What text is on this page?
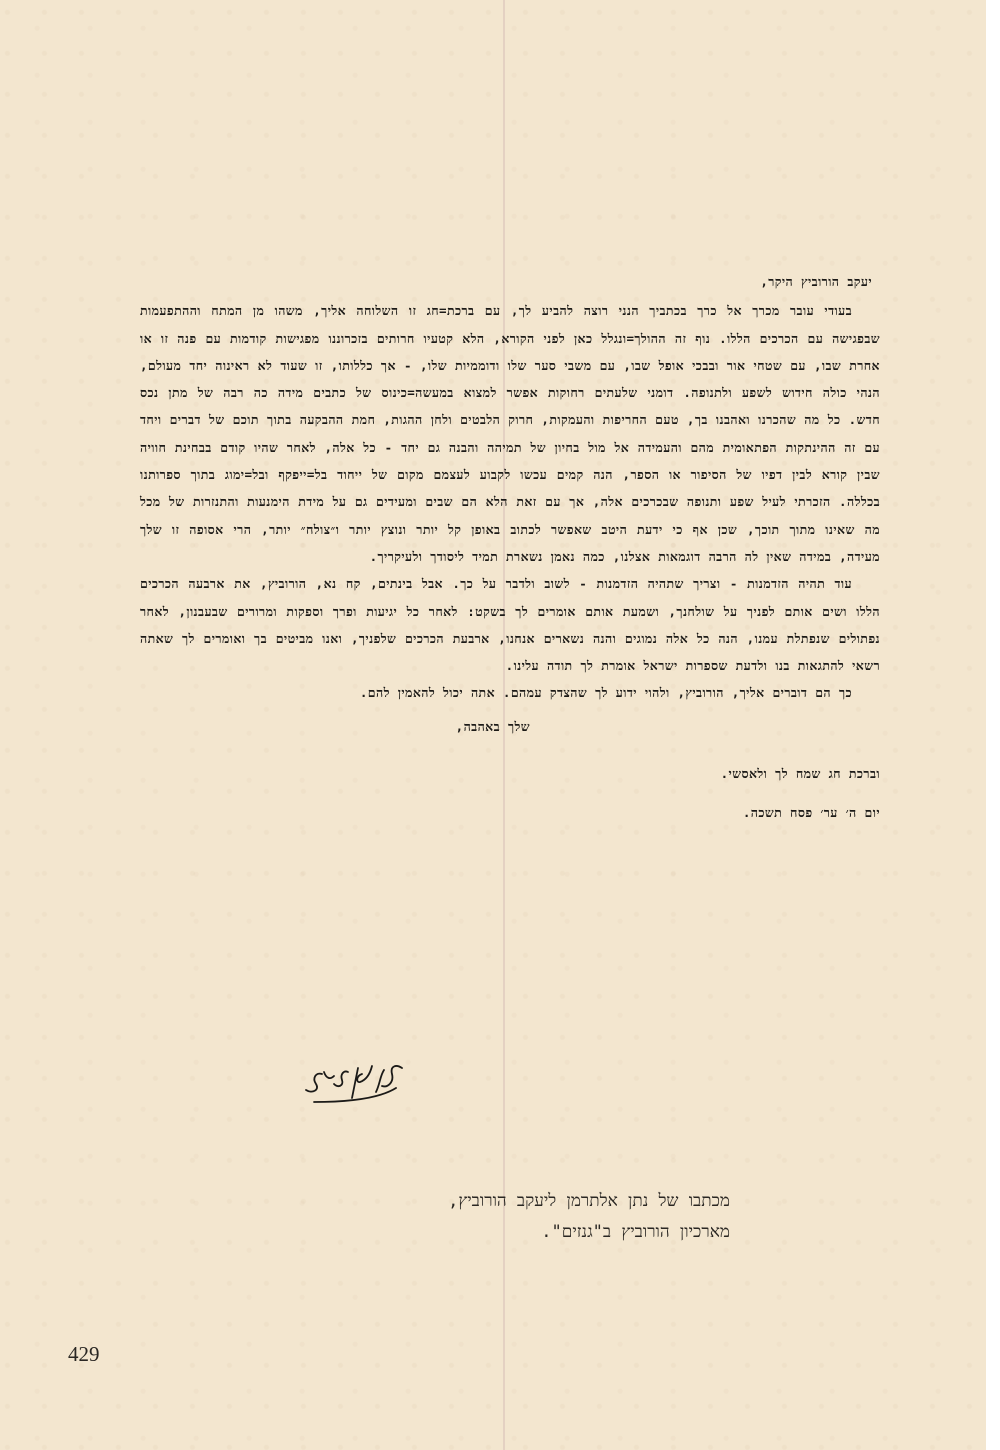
יעקב הורוביץ היקר,

בעודי עובר מכרך אל כרך בכתביך הנני רוצה להביע לך, עם ברכת=חג זו השלוחה אליך, משהו מן המתח וההתפעמות שבפגישה עם הכרכים הללו. נוף זה ההולך=ונגלל כאן לפני הקורא, הלא קטעיו חרותים בזכרוננו מפגישות קודמות עם פנה זו או אחרת שבו, עם שטחי אור ובבכי אופל שבו, עם משבי סער שלו ודוממיות שלו, - אך כללותו, זו שעוד לא ראינוה יחד מעולם, הנהי כולה חידוש לשפע ולתנופה. דומני שלעתים רחוקות אפשר למצוא במעשה=כינוס של כתבים מידה כה רבה של מתן נכס חדש. כל מה שהכרנו ואהבנו בך, טעם החריפות והעמקות, חרוק הלבטים ולחן ההגות, חמת ההבקעה בתוך תוכם של דברים ויחד עם זה ההינתקות הפתאומית מהם והעמידה אל מול בחיון של תמיהה והבנה גם יחד - כל אלה, לאחר שהיו קודם בבחינת חוויה שבין קורא לבין דפיו של הסיפור או הספר, הנה קמים עכשו לקבוע לעצמם מקום של ייחוד בל=ייפקף ובל=ימוג בתוך ספרותנו בכללה. הזכרתי לעיל שפע ותנופה שבכרכים אלה, אך עם זאת הלא הם שבים ומעידים גם על מידת הימנעות והתנזרות של מכל מה שאינו מתוך תוכך, שכן אף כי ידעת היטב שאפשר לכתוב באופן קל יותר ונוצץ יותר ו״צולח״ יותר, הרי אסופה זו שלך מעידה, במידה שאין לה הרבה דוגמאות אצלנו, כמה נאמן נשארת תמיד ליסודך ולעיקריך.

עוד תהיה הזדמנות - וצריך שתהיה הזדמנות - לשוב ולדבר על כך. אבל בינתים, קח נא, הורוביץ, את ארבעה הכרכים הללו ושים אותם לפניך על שולחנך, ושמעת אותם אומרים לך בשקט: לאחר כל יגיעות ופרך וספקות ומרורים שבעבנון, לאחר נפתולים שנפתלת עמנו, הנה כל אלה נמוגים והנה נשארים אנחנו, ארבעת הכרכים שלפניך, ואנו מביטים בך ואומרים לך שאתה רשאי להתגאות בנו ולדעת שספרות ישראל אומרת לך תודה עלינו.

כך הם דוברים אליך, הורוביץ, ולהוי ידוע לך שהצדק עמהם. אתה יכול להאמין להם.

שלך באהבה,

וברכת חג שמח לך ולאסשי.

יום ה׳ ער׳ פסח תשכה.

מכתבו של נתן אלתרמן ליעקב הורוביץ,

מארכיון הורוביץ ב"גנזים".

429
